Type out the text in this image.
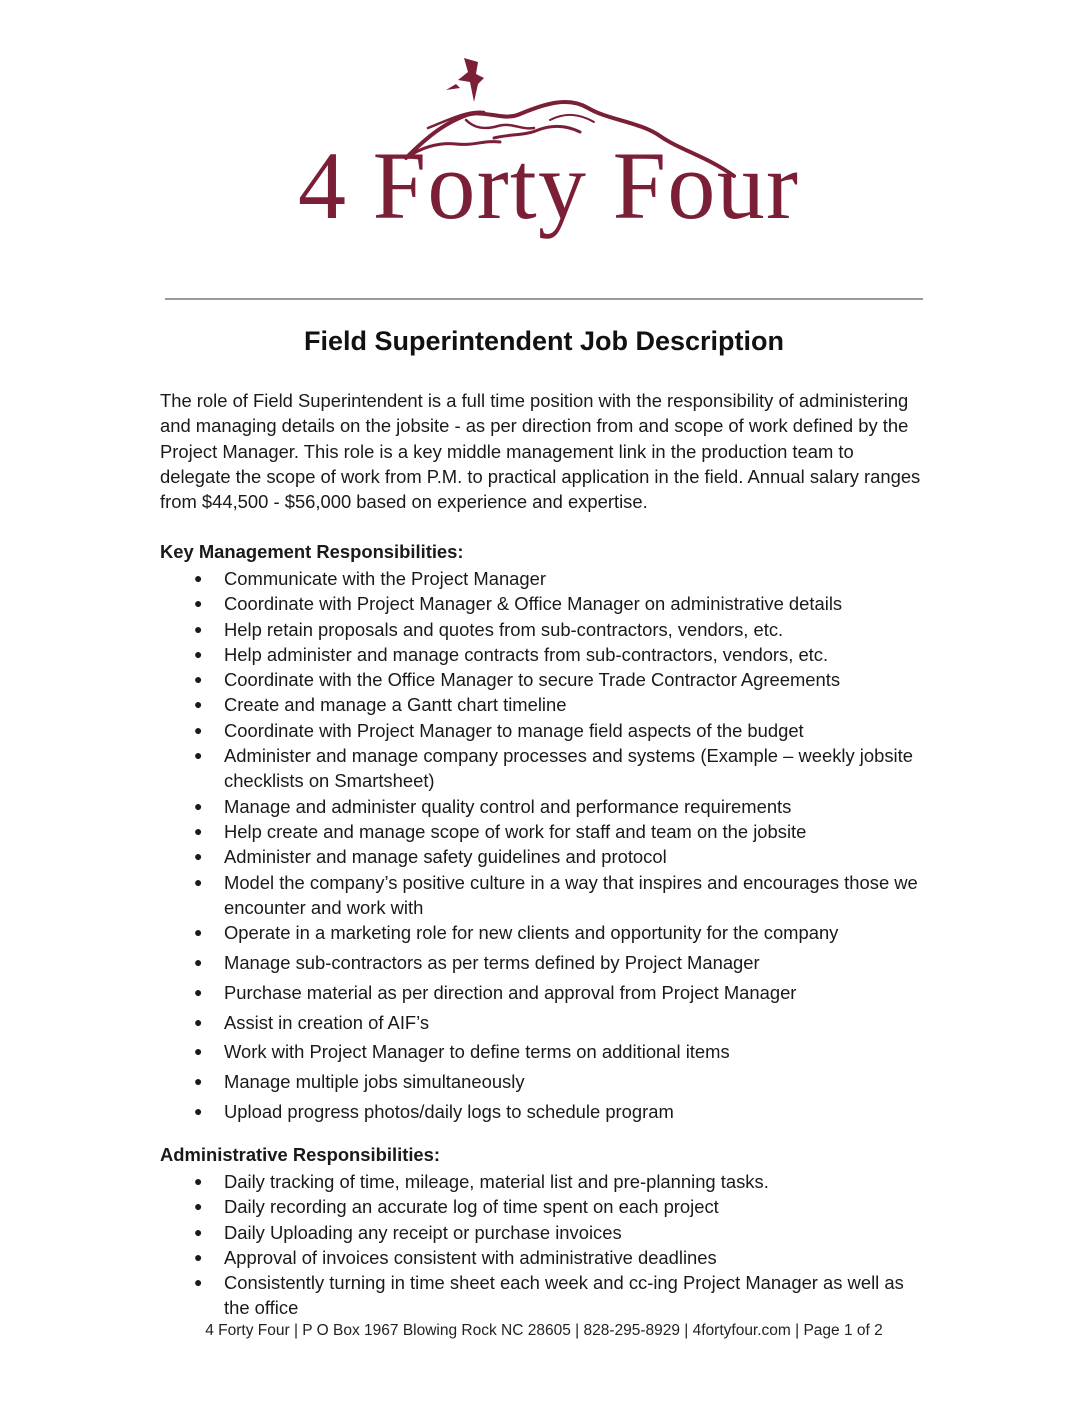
4 Forty Four
Field Superintendent Job Description

The role of Field Superintendent is a full time position with the responsibility of administering and managing details on the jobsite - as per direction from and scope of work defined by the Project Manager. This role is a key middle management link in the production team to delegate the scope of work from P.M. to practical application in the field. Annual salary ranges from $44,500 - $56,000 based on experience and expertise.

Key Management Responsibilities:
● Communicate with the Project Manager
● Coordinate with Project Manager & Office Manager on administrative details
● Help retain proposals and quotes from sub-contractors, vendors, etc.
● Help administer and manage contracts from sub-contractors, vendors, etc.
● Coordinate with the Office Manager to secure Trade Contractor Agreements
● Create and manage a Gantt chart timeline
● Coordinate with Project Manager to manage field aspects of the budget
● Administer and manage company processes and systems (Example – weekly jobsite checklists on Smartsheet)
● Manage and administer quality control and performance requirements
● Help create and manage scope of work for staff and team on the jobsite
● Administer and manage safety guidelines and protocol
● Model the company’s positive culture in a way that inspires and encourages those we encounter and work with
● Operate in a marketing role for new clients and opportunity for the company
● Manage sub-contractors as per terms defined by Project Manager
● Purchase material as per direction and approval from Project Manager
● Assist in creation of AIF’s
● Work with Project Manager to define terms on additional items
● Manage multiple jobs simultaneously
● Upload progress photos/daily logs to schedule program
Administrative Responsibilities:
● Daily tracking of time, mileage, material list and pre-planning tasks.
● Daily recording an accurate log of time spent on each project
● Daily Uploading any receipt or purchase invoices
● Approval of invoices consistent with administrative deadlines
● Consistently turning in time sheet each week and cc-ing Project Manager as well as the office
4 Forty Four | P O Box 1967 Blowing Rock NC 28605 | 828-295-8929 | 4fortyfour.com | Page 1 of 2
